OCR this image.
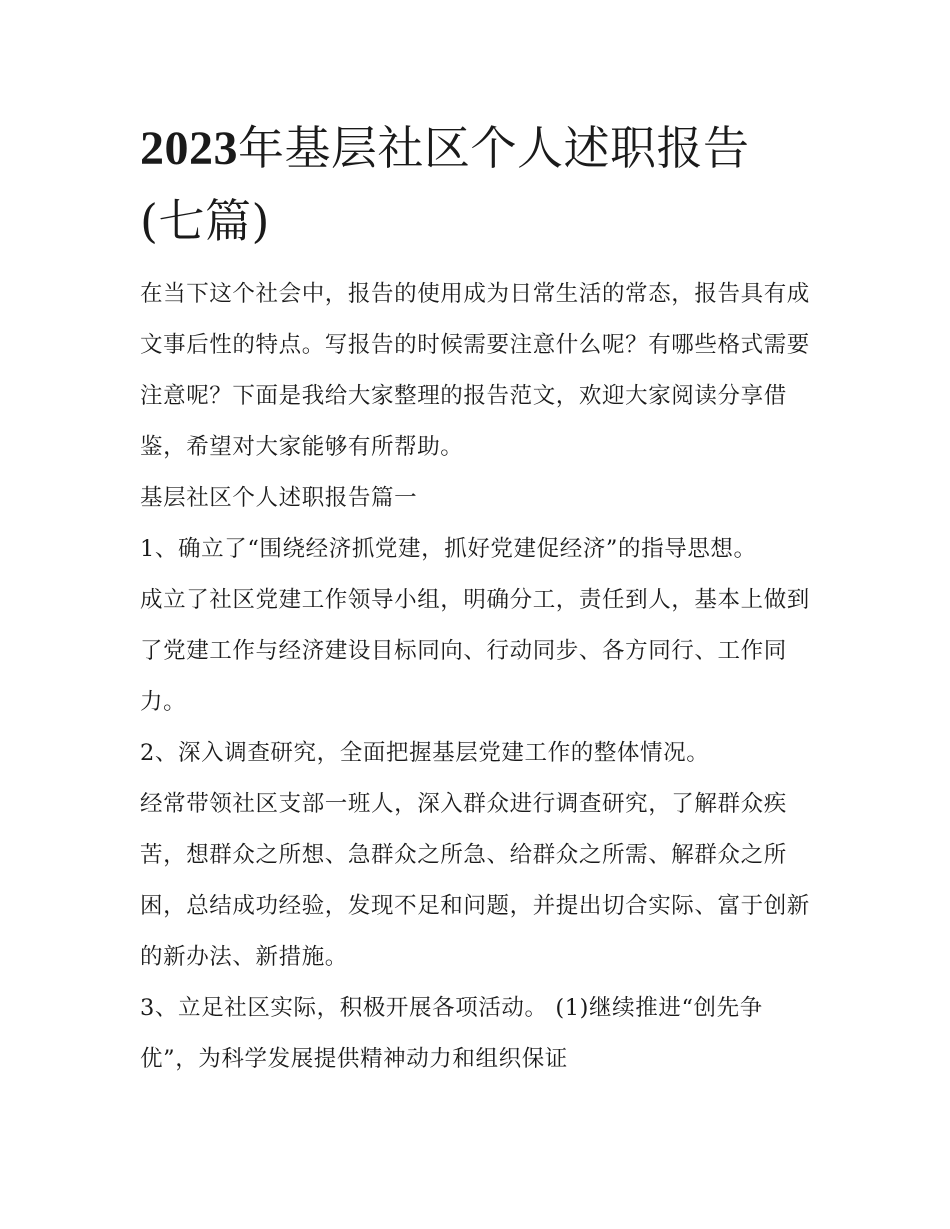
2023年基层社区个人述职报告
(七篇)

在当下这个社会中，报告的使用成为日常生活的常态，报告具有成文事后性的特点。写报告的时候需要注意什么呢？有哪些格式需要注意呢？下面是我给大家整理的报告范文，欢迎大家阅读分享借鉴，希望对大家能够有所帮助。

基层社区个人述职报告篇一

1、确立了“围绕经济抓党建，抓好党建促经济”的指导思想。

成立了社区党建工作领导小组，明确分工，责任到人，基本上做到了党建工作与经济建设目标同向、行动同步、各方同行、工作同力。

2、深入调查研究，全面把握基层党建工作的整体情况。

经常带领社区支部一班人，深入群众进行调查研究，了解群众疾苦，想群众之所想、急群众之所急、给群众之所需、解群众之所困，总结成功经验，发现不足和问题，并提出切合实际、富于创新的新办法、新措施。

3、立足社区实际，积极开展各项活动。 (1)继续推进“创先争优”，为科学发展提供精神动力和组织保证
